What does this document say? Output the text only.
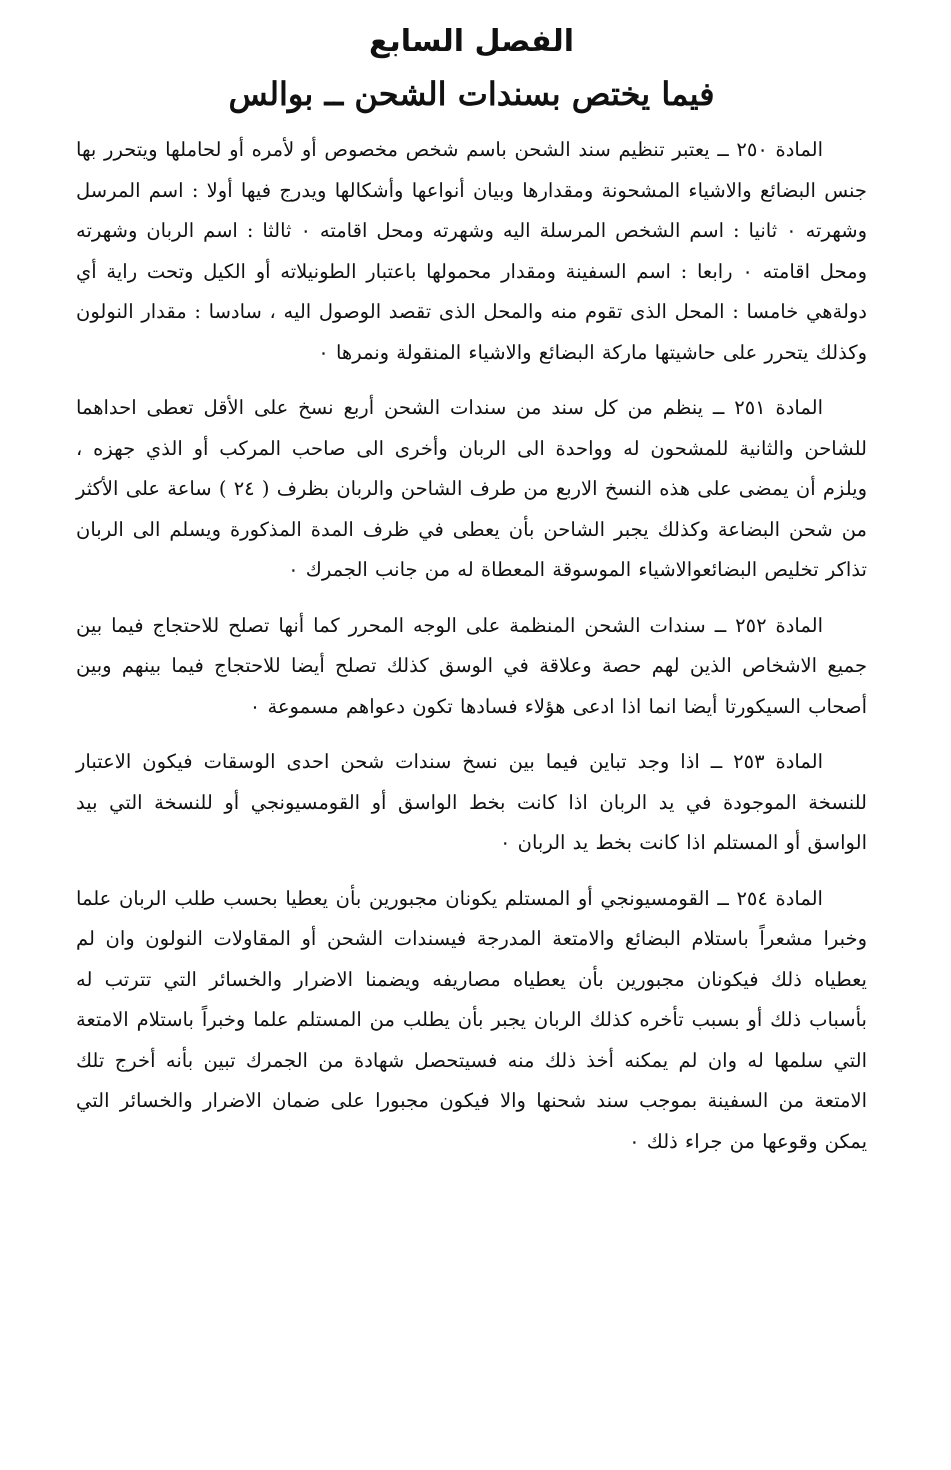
الفصل السابع
فيما يختص بسندات الشحن ــ بوالس

المادة ٢٥٠ ــ يعتبر تنظيم سند الشحن باسم شخص مخصوص أو لأمره أو لحاملها ويتحرر بها جنس البضائع والاشياء المشحونة ومقدارها وبيان أنواعها وأشكالها ويدرج فيها أولا : اسم المرسل وشهرته ٠ ثانيا : اسم الشخص المرسلة اليه وشهرته ومحل اقامته ٠ ثالثا : اسم الربان وشهرته ومحل اقامته ٠ رابعا : اسم السفينة ومقدار محمولها باعتبار الطونيلاته أو الكيل وتحت راية أي دولةهي خامسا : المحل الذى تقوم منه والمحل الذى تقصد الوصول اليه ، سادسا : مقدار النولون وكذلك يتحرر على حاشيتها ماركة البضائع والاشياء المنقولة ونمرها ٠

المادة ٢٥١ ــ ينظم من كل سند من سندات الشحن أربع نسخ على الأقل تعطى احداهما للشاحن والثانية للمشحون له وواحدة الى الربان وأخرى الى صاحب المركب أو الذي جهزه ، ويلزم أن يمضى على هذه النسخ الاربع من طرف الشاحن والربان بظرف ( ٢٤ ) ساعة على الأكثر من شحن البضاعة وكذلك يجبر الشاحن بأن يعطى في ظرف المدة المذكورة ويسلم الى الربان تذاكر تخليص البضائعوالاشياء الموسوقة المعطاة له من جانب الجمرك ٠

المادة ٢٥٢ ــ سندات الشحن المنظمة على الوجه المحرر كما أنها تصلح للاحتجاج فيما بين جميع الاشخاص الذين لهم حصة وعلاقة في الوسق كذلك تصلح أيضا للاحتجاج فيما بينهم وبين أصحاب السيكورتا أيضا انما اذا ادعى هؤلاء فسادها تكون دعواهم مسموعة ٠

المادة ٢٥٣ ــ اذا وجد تباين فيما بين نسخ سندات شحن احدى الوسقات فيكون الاعتبار للنسخة الموجودة في يد الربان اذا كانت بخط الواسق أو القومسيونجي أو للنسخة التي بيد الواسق أو المستلم اذا كانت بخط يد الربان ٠

المادة ٢٥٤ ــ القومسيونجي أو المستلم يكونان مجبورين بأن يعطيا بحسب طلب الربان علما وخبرا مشعراً باستلام البضائع والامتعة المدرجة فيسندات الشحن أو المقاولات النولون وان لم يعطياه ذلك فيكونان مجبورين بأن يعطياه مصاريفه ويضمنا الاضرار والخسائر التي تترتب له بأسباب ذلك أو بسبب تأخره كذلك الربان يجبر بأن يطلب من المستلم علما وخبراً باستلام الامتعة التي سلمها له وان لم يمكنه أخذ ذلك منه فسيتحصل شهادة من الجمرك تبين بأنه أخرج تلك الامتعة من السفينة بموجب سند شحنها والا فيكون مجبورا على ضمان الاضرار والخسائر التي يمكن وقوعها من جراء ذلك ٠
